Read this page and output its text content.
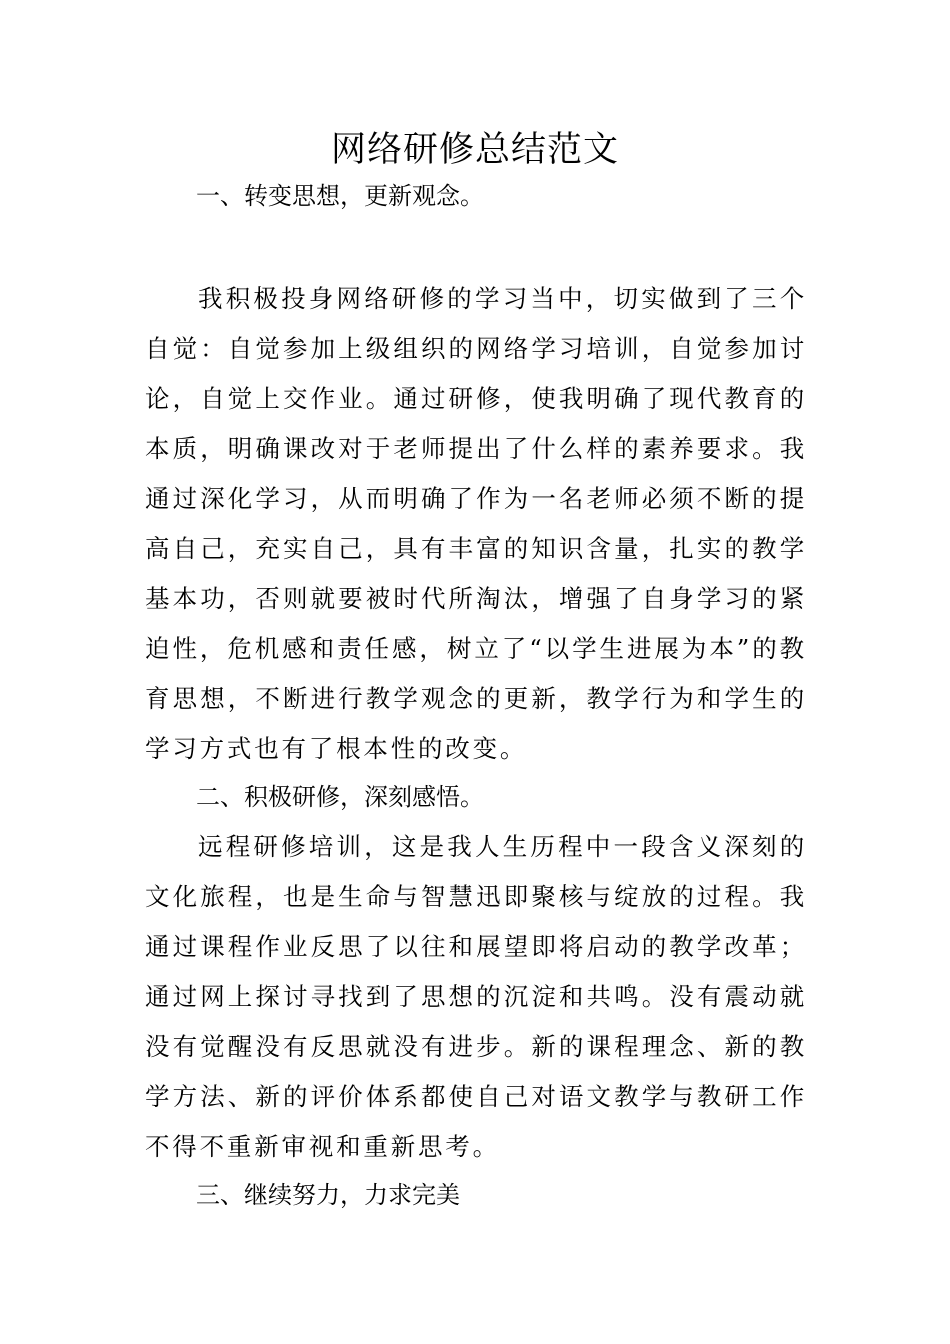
网络研修总结范文

一、转变思想，更新观念。

我积极投身网络研修的学习当中，切实做到了三个自觉：自觉参加上级组织的网络学习培训，自觉参加讨论，自觉上交作业。通过研修，使我明确了现代教育的本质，明确课改对于老师提出了什么样的素养要求。我通过深化学习，从而明确了作为一名老师必须不断的提高自己，充实自己，具有丰富的知识含量，扎实的教学基本功，否则就要被时代所淘汰，增强了自身学习的紧迫性，危机感和责任感，树立了“以学生进展为本”的教育思想，不断进行教学观念的更新，教学行为和学生的学习方式也有了根本性的改变。

二、积极研修，深刻感悟。

远程研修培训，这是我人生历程中一段含义深刻的文化旅程，也是生命与智慧迅即聚核与绽放的过程。我通过课程作业反思了以往和展望即将启动的教学改革；通过网上探讨寻找到了思想的沉淀和共鸣。没有震动就没有觉醒没有反思就没有进步。新的课程理念、新的教学方法、新的评价体系都使自己对语文教学与教研工作不得不重新审视和重新思考。

三、继续努力，力求完美
